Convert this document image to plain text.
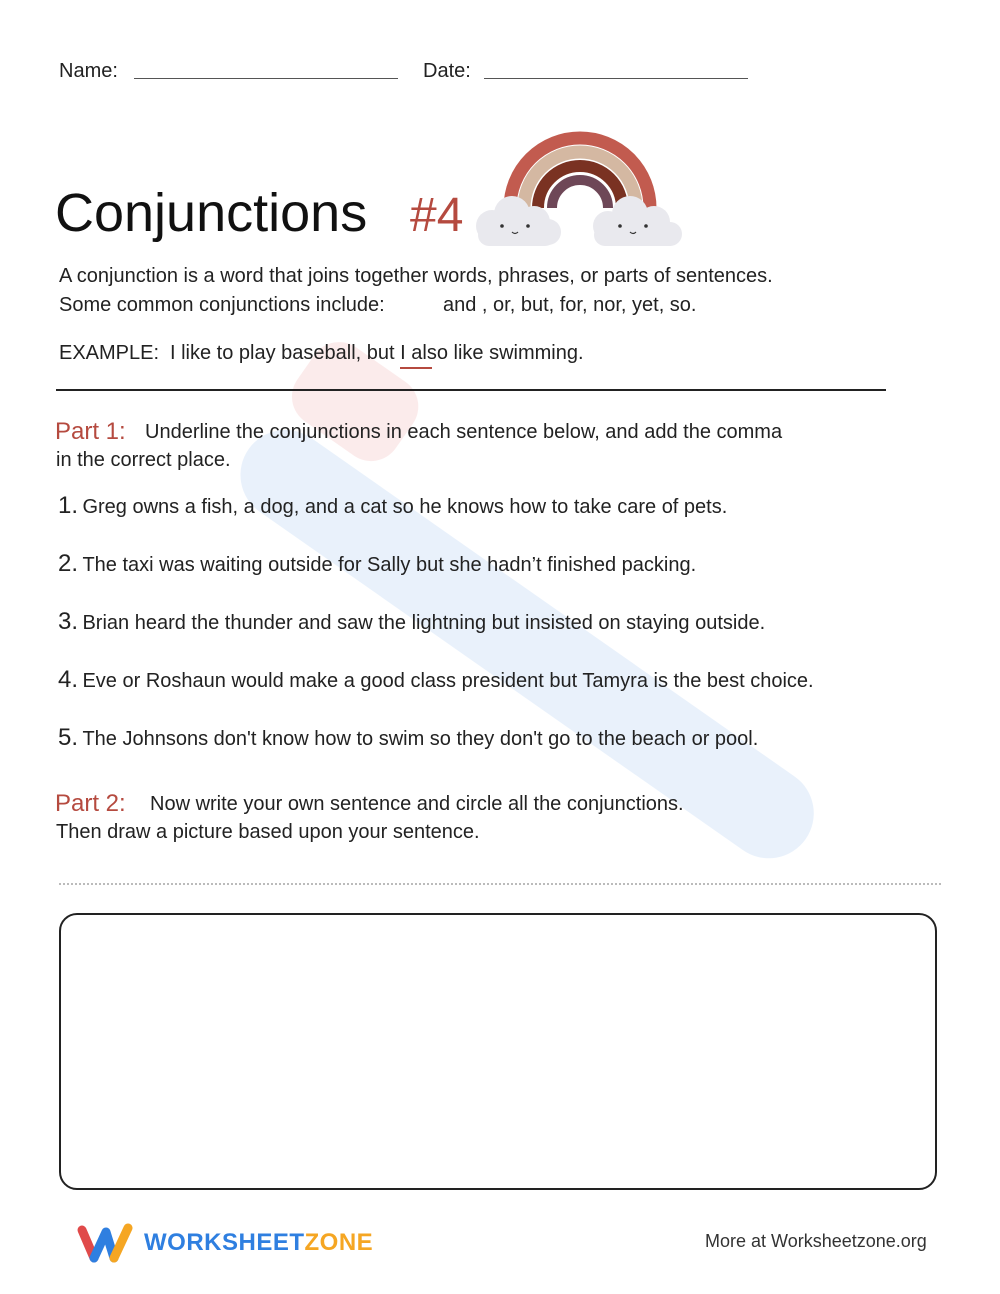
Name:	Date:
Conjunctions #4
A conjunction is a word that joins together words, phrases, or parts of sentences.
Some common conjunctions include:	and , or, but, for, nor, yet, so.
EXAMPLE: I like to play baseball, but I also like swimming.
Part 1: Underline the conjunctions in each sentence below, and add the comma
in the correct place.
1. Greg owns a fish, a dog, and a cat so he knows how to take care of pets.
2. The taxi was waiting outside for Sally but she hadn’t finished packing.
3. Brian heard the thunder and saw the lightning but insisted on staying outside.
4. Eve or Roshaun would make a good class president but Tamyra is the best choice.
5. The Johnsons don't know how to swim so they don't go to the beach or pool.
Part 2: Now write your own sentence and circle all the conjunctions.
Then draw a picture based upon your sentence.
WORKSHEET ZONE	More at Worksheetzone.org
